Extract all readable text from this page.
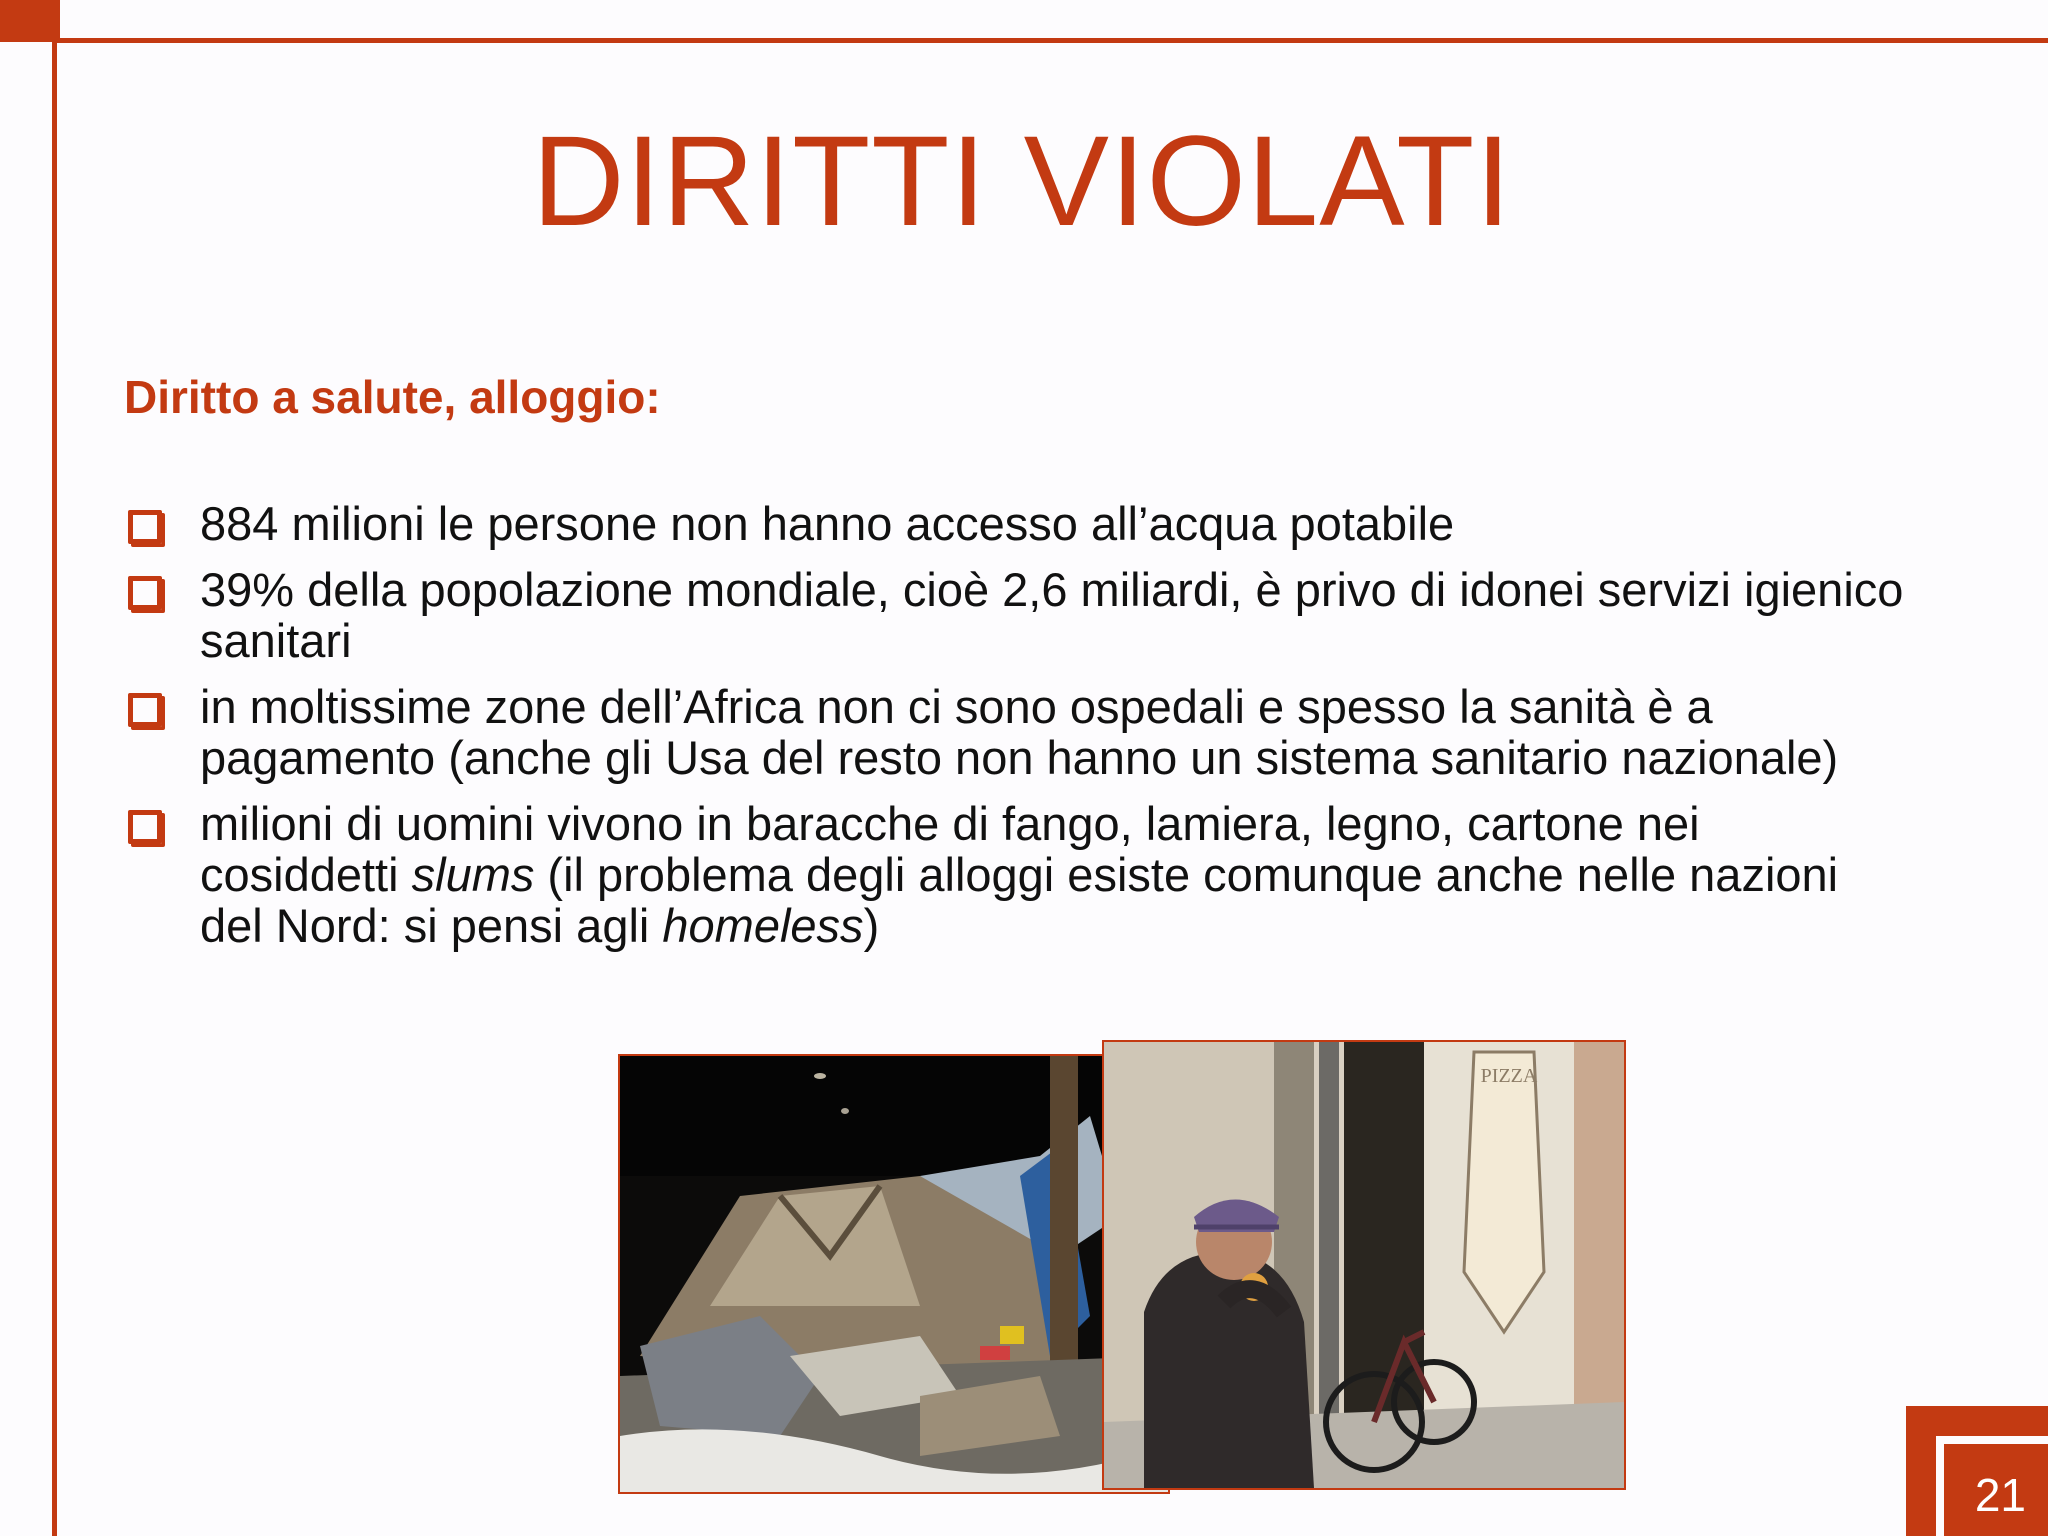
DIRITTI VIOLATI
Diritto a salute, alloggio:
884 milioni le persone non hanno accesso all’acqua potabile
39% della popolazione mondiale, cioè 2,6 miliardi, è privo di idonei servizi igienico sanitari
in moltissime zone dell’Africa non ci sono ospedali e spesso la sanità è a pagamento (anche gli Usa del resto non hanno un sistema sanitario nazionale)
milioni di uomini vivono in baracche di fango, lamiera, legno, cartone nei cosiddetti slums (il problema degli alloggi esiste comunque anche nelle nazioni del Nord: si pensi agli homeless)
PIZZA
21
